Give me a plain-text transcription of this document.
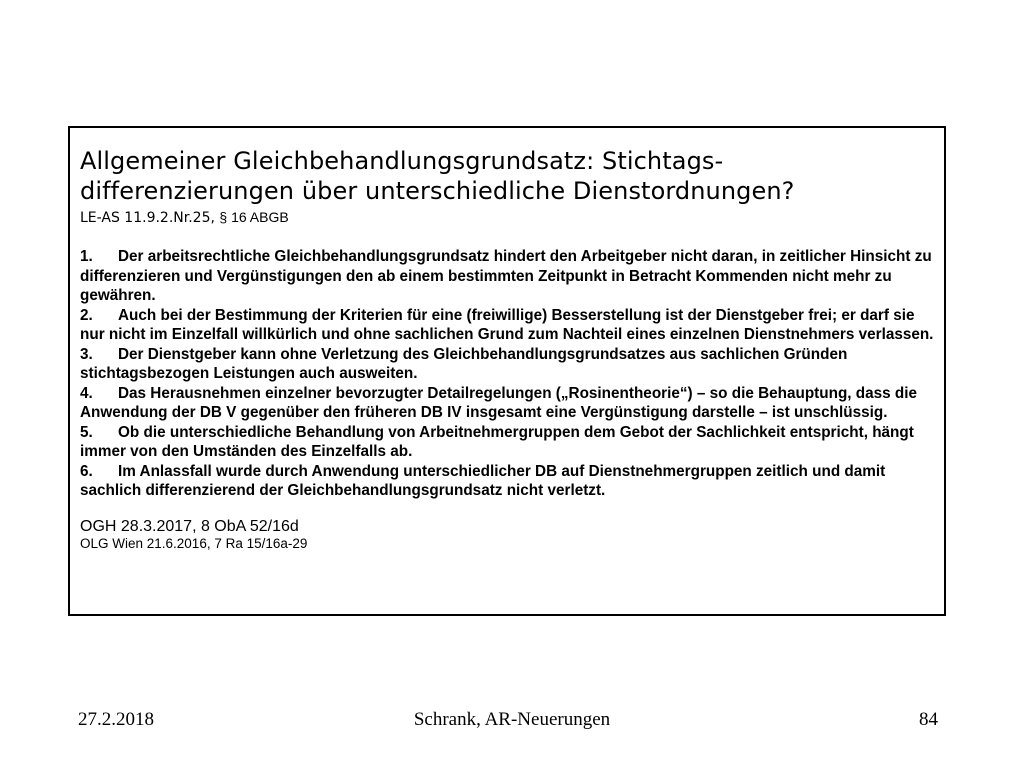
Allgemeiner Gleichbehandlungsgrundsatz: Stichtags-
differenzierungen über unterschiedliche Dienstordnungen?
LE-AS 11.9.2.Nr.25, § 16 ABGB

1. Der arbeitsrechtliche Gleichbehandlungsgrundsatz hindert den Arbeitgeber nicht daran, in zeitlicher Hinsicht zu differenzieren und Vergünstigungen den ab einem bestimmten Zeitpunkt in Betracht Kommenden nicht mehr zu gewähren.

2. Auch bei der Bestimmung der Kriterien für eine (freiwillige) Besserstellung ist der Dienstgeber frei; er darf sie nur nicht im Einzelfall willkürlich und ohne sachlichen Grund zum Nachteil eines einzelnen Dienstnehmers verlassen.

3. Der Dienstgeber kann ohne Verletzung des Gleichbehandlungsgrundsatzes aus sachlichen Gründen stichtagsbezogen Leistungen auch ausweiten.

4. Das Herausnehmen einzelner bevorzugter Detailregelungen („Rosinentheorie“) – so die Behauptung, dass die Anwendung der DB V gegenüber den früheren DB IV insgesamt eine Vergünstigung darstelle – ist unschlüssig.

5. Ob die unterschiedliche Behandlung von Arbeitnehmergruppen dem Gebot der Sachlichkeit entspricht, hängt immer von den Umständen des Einzelfalls ab.

6. Im Anlassfall wurde durch Anwendung unterschiedlicher DB auf Dienstnehmergruppen zeitlich und damit sachlich differenzierend der Gleichbehandlungsgrundsatz nicht verletzt.

OGH 28.3.2017, 8 ObA 52/16d
OLG Wien 21.6.2016, 7 Ra 15/16a-29
Schrank, AR-Neuerungen
27.2.2018	84
